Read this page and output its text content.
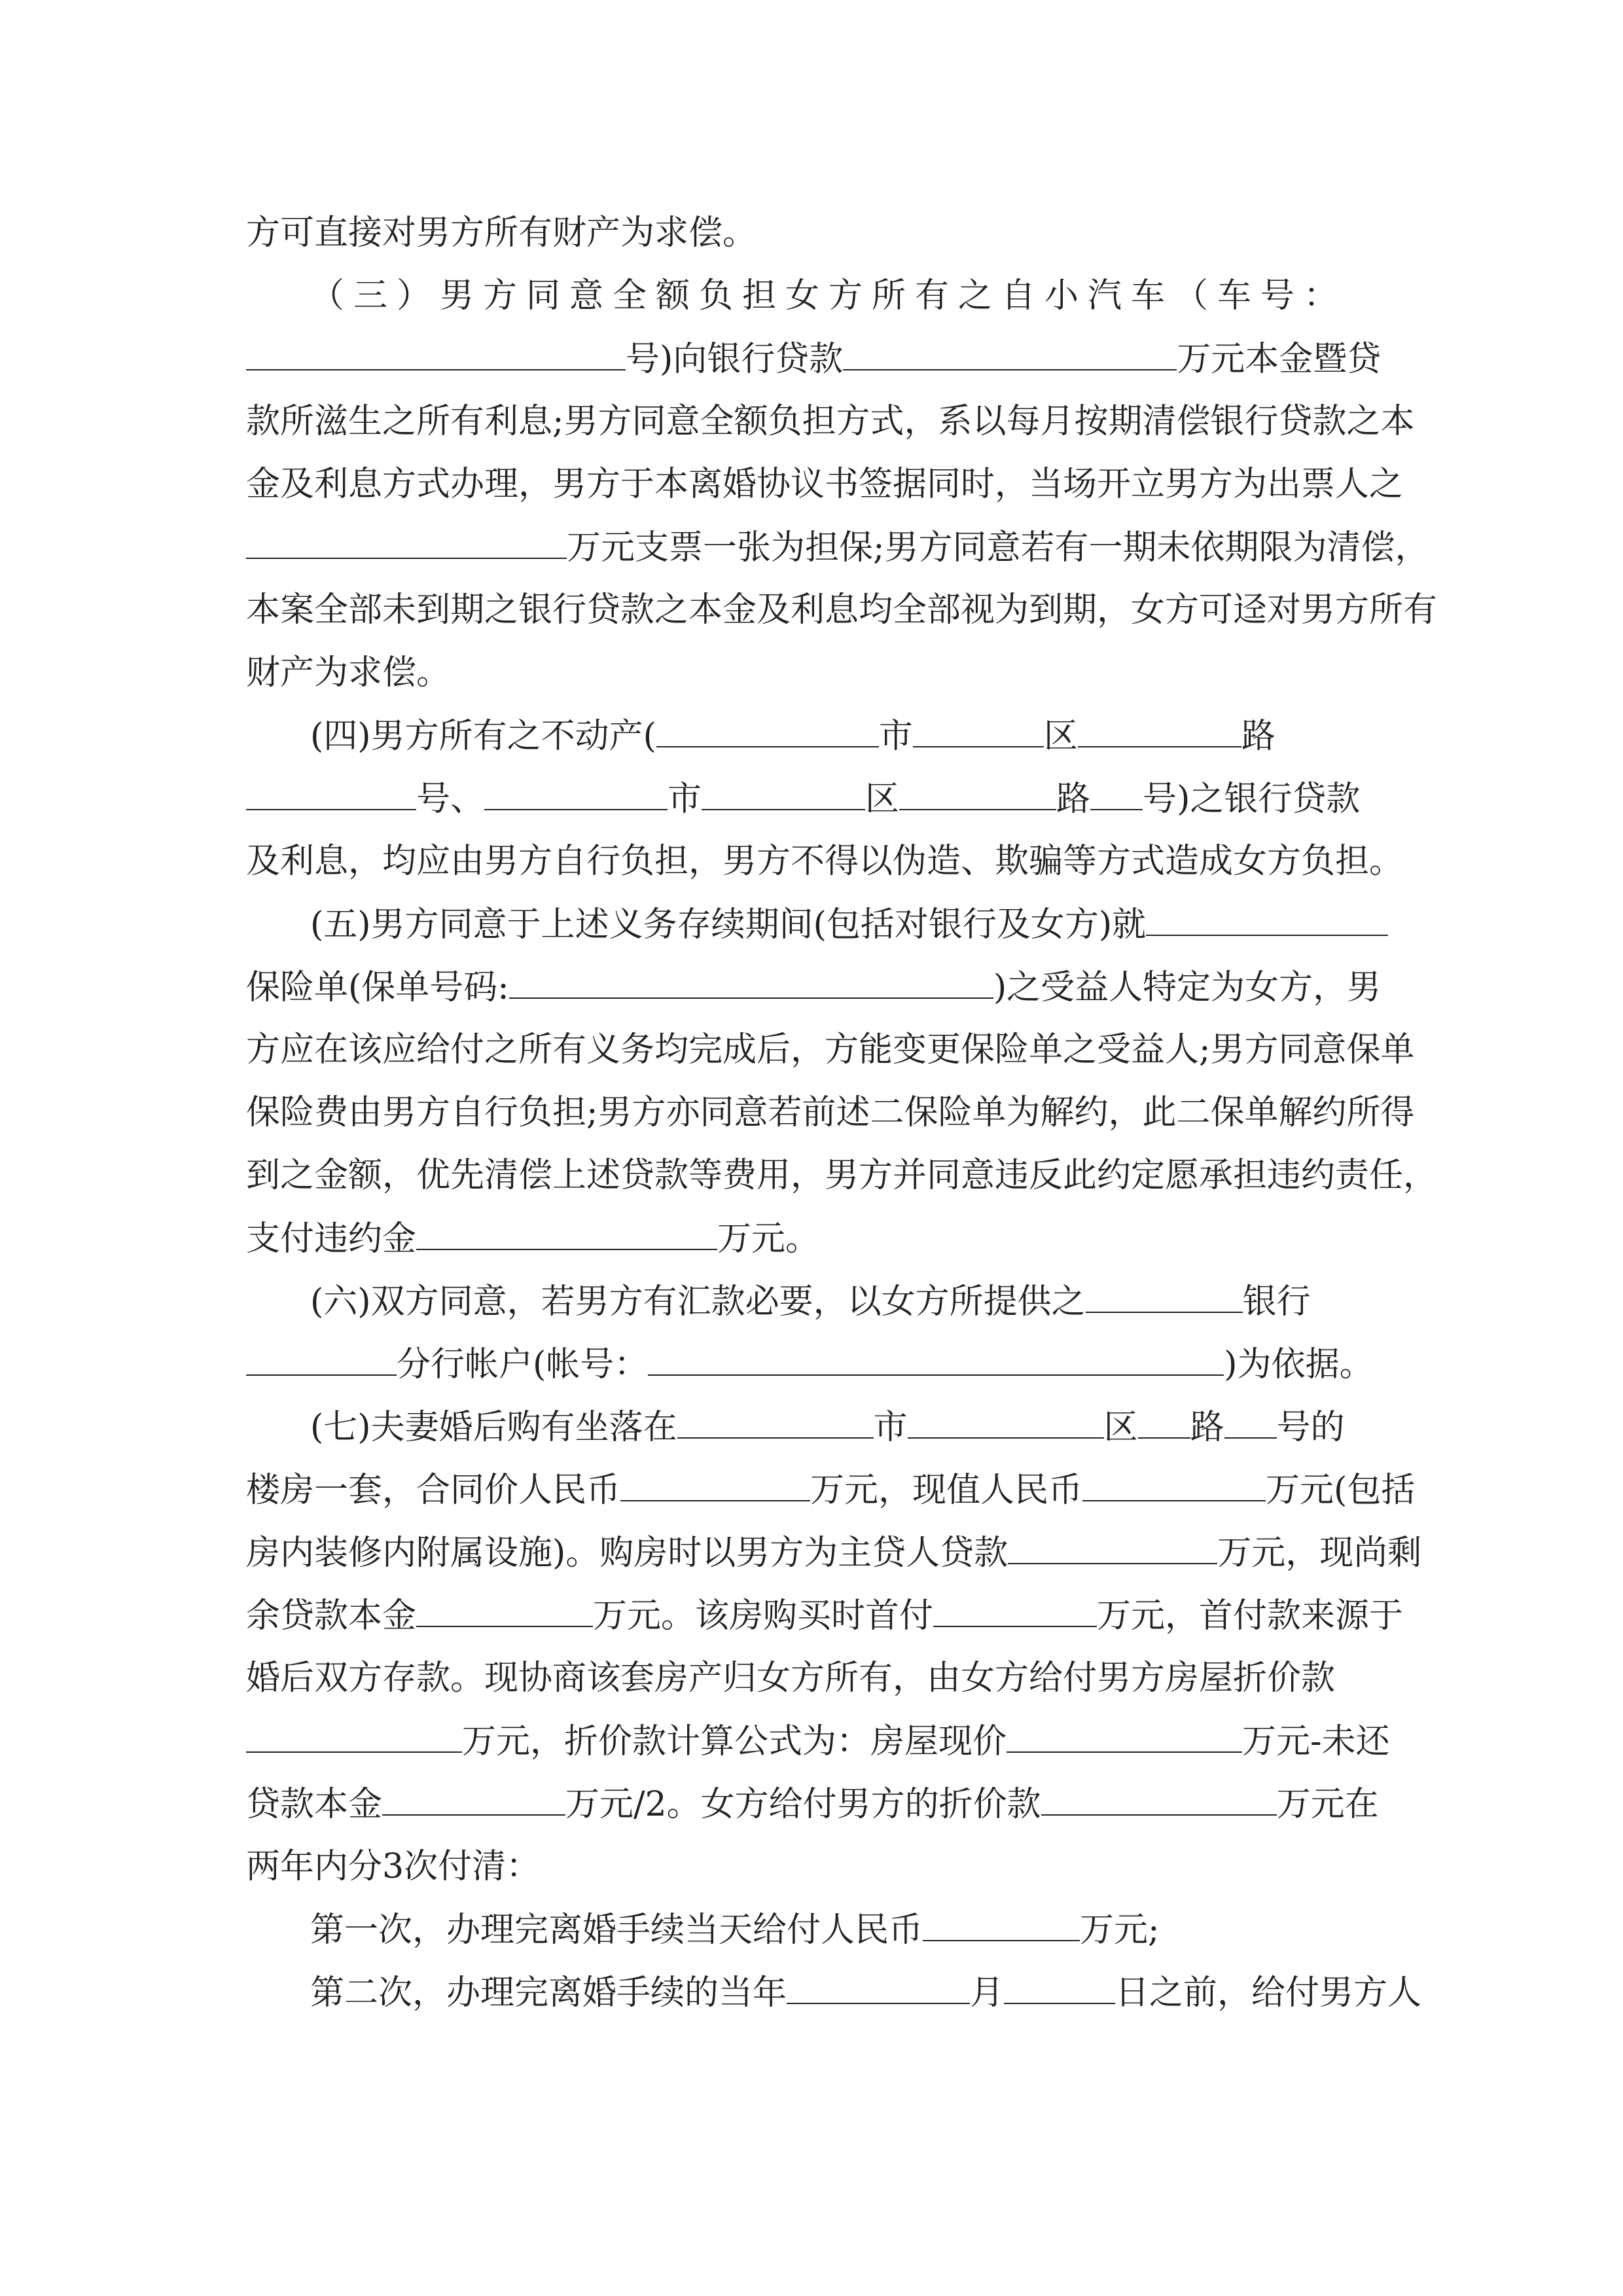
方可直接对男方所有财产为求偿。
（三）男方同意全额负担女方所有之自小汽车（车号：
号)向银行贷款	万元本金暨贷
款所滋生之所有利息;男方同意全额负担方式，系以每月按期清偿银行贷款之本
金及利息方式办理，男方于本离婚协议书签据同时，当场开立男方为出票人之
万元支票一张为担保;男方同意若有一期未依期限为清偿，
本案全部未到期之银行贷款之本金及利息均全部视为到期，女方可迳对男方所有
财产为求偿。
(四)男方所有之不动产(	市	区	路
号、	市	区	路 号)之银行贷款
及利息，均应由男方自行负担，男方不得以伪造、欺骗等方式造成女方负担。
(五)男方同意于上述义务存续期间(包括对银行及女方)就
保险单(保单号码:	)之受益人特定为女方，男
方应在该应给付之所有义务均完成后，方能变更保险单之受益人;男方同意保单
保险费由男方自行负担;男方亦同意若前述二保险单为解约，此二保单解约所得
到之金额，优先清偿上述贷款等费用，男方并同意违反此约定愿承担违约责任，
支付违约金	万元。
(六)双方同意，若男方有汇款必要，以女方所提供之	银行
分行帐户(帐号：	)为依据。
(七)夫妻婚后购有坐落在	市	区 路 号的
楼房一套，合同价人民币	万元，现值人民币	万元(包括
房内装修内附属设施)。购房时以男方为主贷人贷款	万元，现尚剩
余贷款本金	万元。该房购买时首付	万元，首付款来源于
婚后双方存款。现协商该套房产归女方所有，由女方给付男方房屋折价款
万元，折价款计算公式为：房屋现价	万元-未还
贷款本金	万元/2。女方给付男方的折价款	万元在
两年内分3次付清：
第一次，办理完离婚手续当天给付人民币	万元;
第二次，办理完离婚手续的当年	月	日之前，给付男方人
